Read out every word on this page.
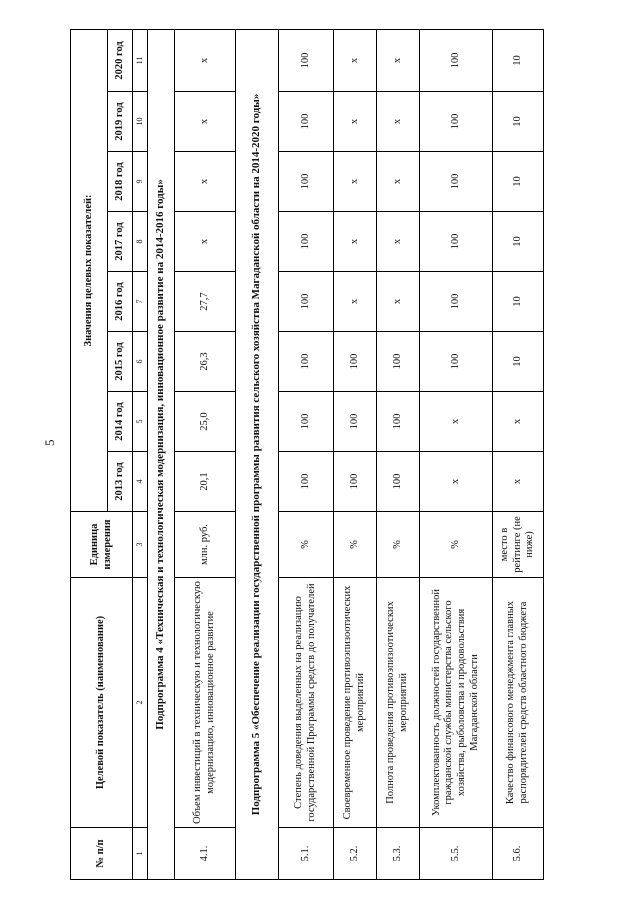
5
№ п/п	Целевой показатель (наименование)	Единица измерения	Значения целевых показателей:							
			2013 год	2014 год	2015 год	2016 год	2017 год	2018 год	2019 год	2020 год
1	2	3	4	5	6	7	8	9	10	11
Подпрограмма 4 «Техническая и технологическая модернизация, инновационное развитие на 2014-2016 годы»										
4.1.	Объем инвестиций в техническую и технологическую модернизацию, инновационное развитие	млн. руб.	20,1	25,0	26,3	27,7	х	х	х	х
Подпрограмма 5 «Обеспечение реализации государственной программы развития сельского хозяйства Магаданской области на 2014-2020 годы»										
5.1.	Степень доведения выделенных на реализацию государственной Программы средств до получателей	%	100	100	100	100	100	100	100	100
5.2.	Своевременное проведение противоэпизоотических мероприятий	%	100	100	100	х	х	х	х	х
5.3.	Полнота проведения противоэпизоотических мероприятий	%	100	100	100	х	х	х	х	х
5.5.	Укомплектованность должностей государственной гражданской службы министерства сельского хозяйства, рыболовства и продовольствия Магаданской области	%	х	х	100	100	100	100	100	100
5.6.	Качество финансового менеджмента главных распорядителей средств областного бюджета	место в рейтинге (не ниже)	х	х	10	10	10	10	10	10
